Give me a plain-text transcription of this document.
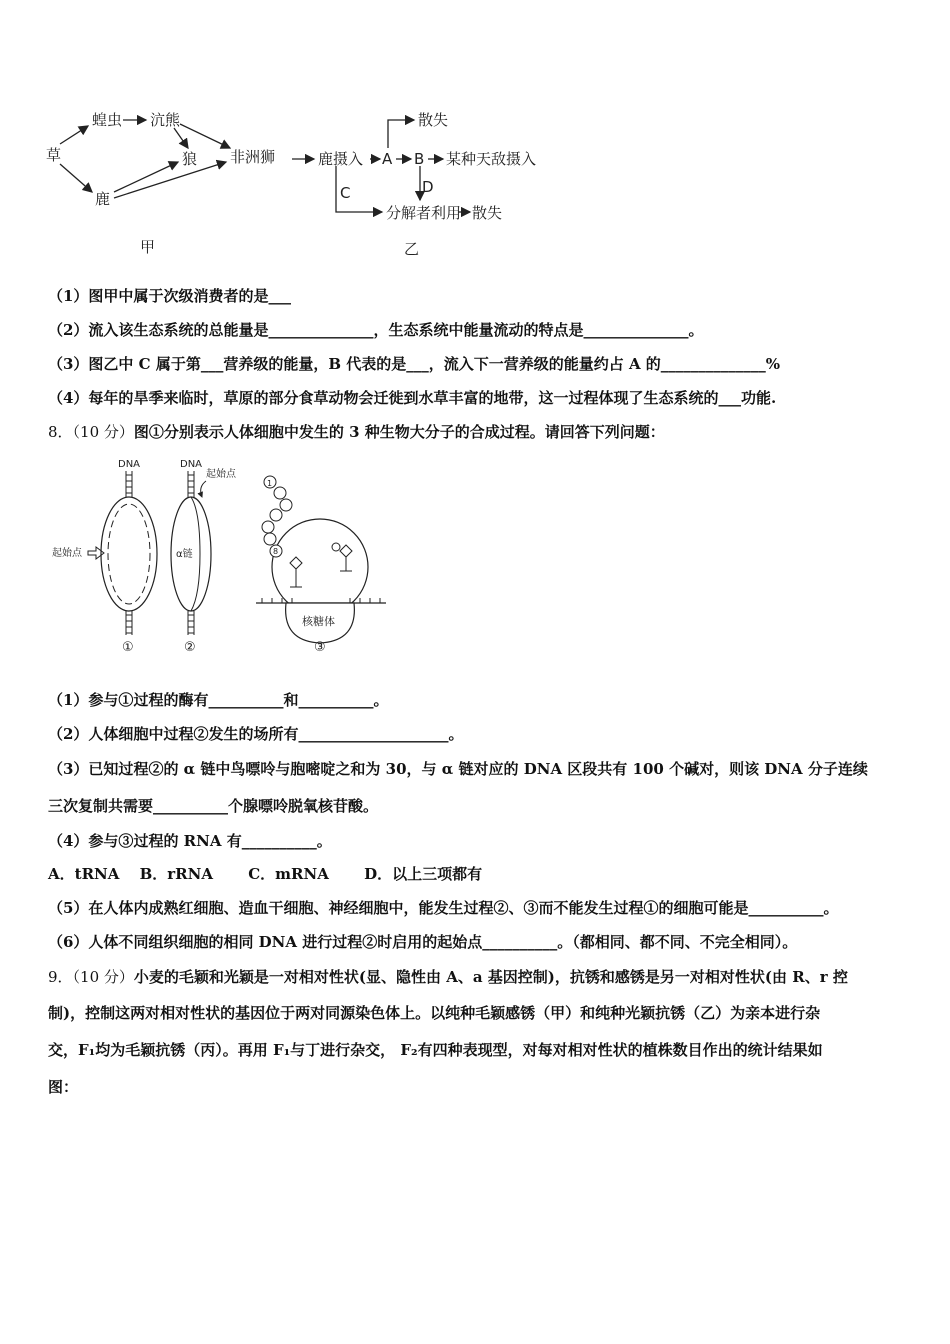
草
蝗虫 沆熊
狼 非洲狮
鹿
甲
鹿摄入 A B 某种天敌摄入
散失
C	D
分解者利用 散失
乙
（1）图甲中属于次级消费者的是___
（2）流入该生态系统的总能量是______________，生态系统中能量流动的特点是______________。
（3）图乙中 C 属于第___营养级的能量，B 代表的是___，流入下一营养级的能量约占 A 的______________%
（4）每年的旱季来临时，草原的部分食草动物会迁徙到水草丰富的地带，这一过程体现了生态系统的___功能.
8．（10 分）图①分别表示人体细胞中发生的 3 种生物大分子的合成过程。请回答下列问题：
DNA
起始点
①
DNA
起始点
α链
②
核糖体
1
8
③
（1）参与①过程的酶有__________和__________。
（2）人体细胞中过程②发生的场所有____________________。
（3）已知过程②的 α 链中鸟嘌呤与胞嘧啶之和为 30，与 α 链对应的 DNA 区段共有 100 个碱对，则该 DNA 分子连续
三次复制共需要__________个腺嘌呤脱氧核苷酸。
（4）参与③过程的 RNA 有__________。
A．tRNA　 B．rRNA　　 C．mRNA　　 D．以上三项都有
（5）在人体内成熟红细胞、造血干细胞、神经细胞中，能发生过程②、③而不能发生过程①的细胞可能是__________。
（6）人体不同组织细胞的相同 DNA 进行过程②时启用的起始点__________。（都相同、都不同、不完全相同）。
9．（10 分）小麦的毛颖和光颖是一对相对性状(显、隐性由 A、a 基因控制)，抗锈和感锈是另一对相对性状(由 R、r 控
制)，控制这两对相对性状的基因位于两对同源染色体上。以纯种毛颖感锈（甲）和纯种光颖抗锈（乙）为亲本进行杂
交，F₁均为毛颖抗锈（丙）。再用 F₁与丁进行杂交， F₂有四种表现型，对每对相对性状的植株数目作出的统计结果如
图：
